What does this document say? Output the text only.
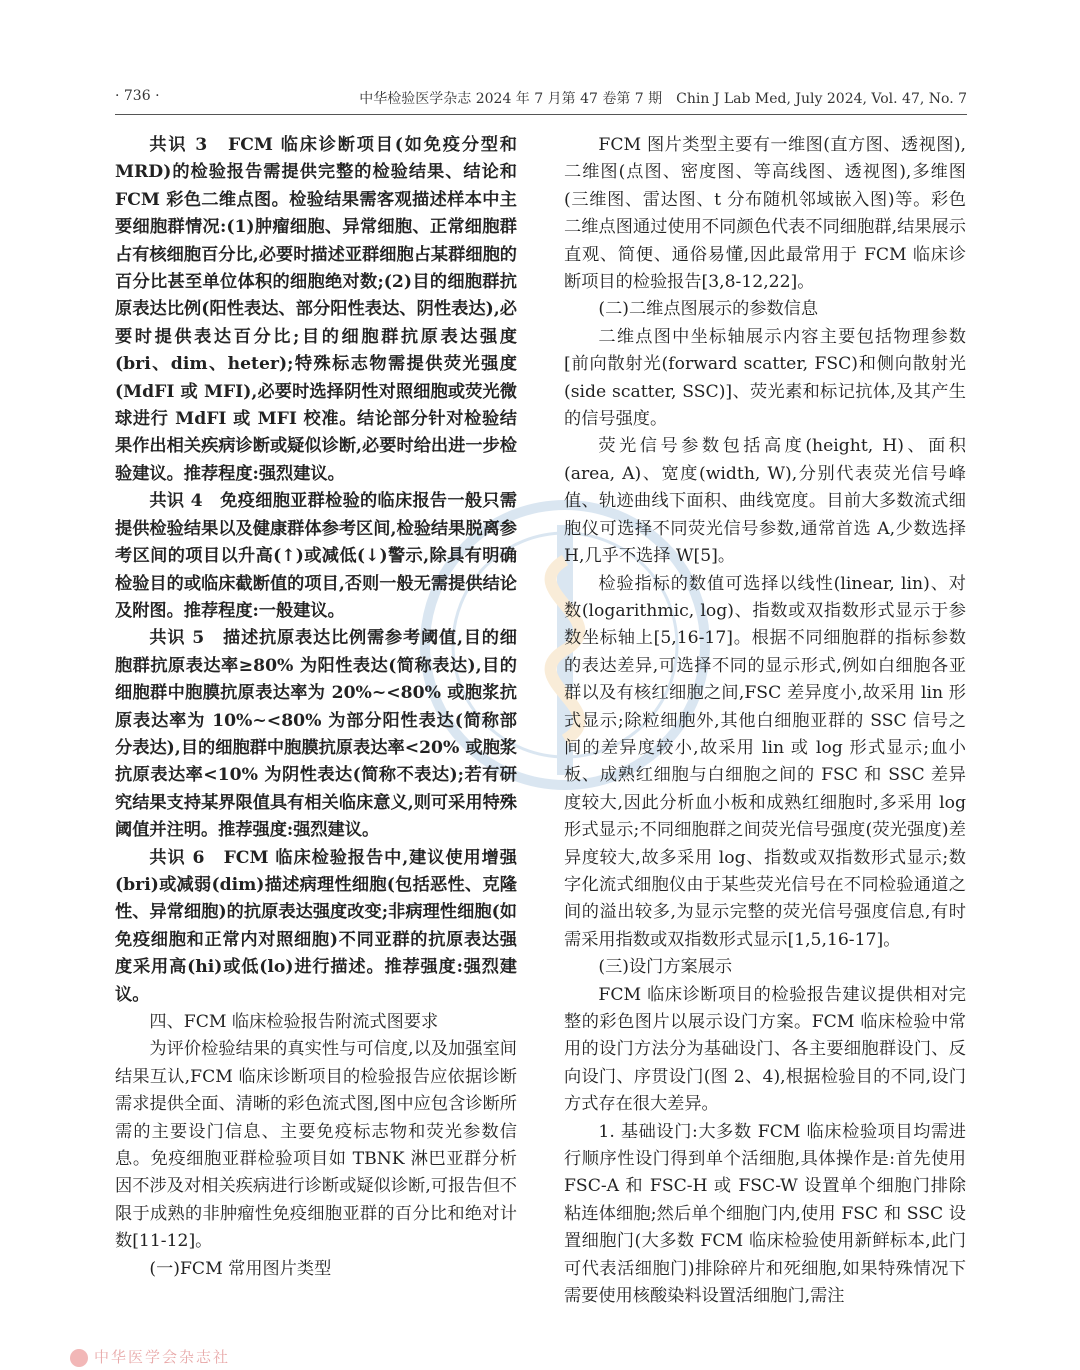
· 736 ·	中华检验医学杂志 2024 年 7 月第 47 卷第 7 期　Chin J Lab Med, July 2024, Vol. 47, No. 7

共识 3　FCM 临床诊断项目(如免疫分型和 MRD)的检验报告需提供完整的检验结果、结论和 FCM 彩色二维点图。检验结果需客观描述样本中主要细胞群情况:(1)肿瘤细胞、异常细胞、正常细胞群占有核细胞百分比,必要时描述亚群细胞占某群细胞的百分比甚至单位体积的细胞绝对数;(2)目的细胞群抗原表达比例(阳性表达、部分阳性表达、阴性表达),必要时提供表达百分比;目的细胞群抗原表达强度(bri、dim、heter);特殊标志物需提供荧光强度(MdFI 或 MFI),必要时选择阴性对照细胞或荧光微球进行 MdFI 或 MFI 校准。结论部分针对检验结果作出相关疾病诊断或疑似诊断,必要时给出进一步检验建议。推荐程度:强烈建议。

共识 4　免疫细胞亚群检验的临床报告一般只需提供检验结果以及健康群体参考区间,检验结果脱离参考区间的项目以升高(↑)或减低(↓)警示,除具有明确检验目的或临床截断值的项目,否则一般无需提供结论及附图。推荐程度:一般建议。

共识 5　描述抗原表达比例需参考阈值,目的细胞群抗原表达率≥80% 为阳性表达(简称表达),目的细胞群中胞膜抗原表达率为 20%~<80% 或胞浆抗原表达率为 10%~<80% 为部分阳性表达(简称部分表达),目的细胞群中胞膜抗原表达率<20% 或胞浆抗原表达率<10% 为阴性表达(简称不表达);若有研究结果支持某界限值具有相关临床意义,则可采用特殊阈值并注明。推荐强度:强烈建议。

共识 6　FCM 临床检验报告中,建议使用增强(bri)或减弱(dim)描述病理性细胞(包括恶性、克隆性、异常细胞)的抗原表达强度改变;非病理性细胞(如免疫细胞和正常内对照细胞)不同亚群的抗原表达强度采用高(hi)或低(lo)进行描述。推荐强度:强烈建议。

四、FCM 临床检验报告附流式图要求

为评价检验结果的真实性与可信度,以及加强室间结果互认,FCM 临床诊断项目的检验报告应依据诊断需求提供全面、清晰的彩色流式图,图中应包含诊断所需的主要设门信息、主要免疫标志物和荧光参数信息。免疫细胞亚群检验项目如 TBNK 淋巴亚群分析因不涉及对相关疾病进行诊断或疑似诊断,可报告但不限于成熟的非肿瘤性免疫细胞亚群的百分比和绝对计数[11-12]。

(一)FCM 常用图片类型

FCM 图片类型主要有一维图(直方图、透视图),二维图(点图、密度图、等高线图、透视图),多维图(三维图、雷达图、t 分布随机邻域嵌入图)等。彩色二维点图通过使用不同颜色代表不同细胞群,结果展示直观、简便、通俗易懂,因此最常用于 FCM 临床诊断项目的检验报告[3,8-12,22]。

(二)二维点图展示的参数信息

二维点图中坐标轴展示内容主要包括物理参数[前向散射光(forward scatter, FSC)和侧向散射光(side scatter, SSC)]、荧光素和标记抗体,及其产生的信号强度。

荧光信号参数包括高度(height, H)、面积(area, A)、宽度(width, W),分别代表荧光信号峰值、轨迹曲线下面积、曲线宽度。目前大多数流式细胞仪可选择不同荧光信号参数,通常首选 A,少数选择 H,几乎不选择 W[5]。

检验指标的数值可选择以线性(linear, lin)、对数(logarithmic, log)、指数或双指数形式显示于参数坐标轴上[5,16-17]。根据不同细胞群的指标参数的表达差异,可选择不同的显示形式,例如白细胞各亚群以及有核红细胞之间,FSC 差异度小,故采用 lin 形式显示;除粒细胞外,其他白细胞亚群的 SSC 信号之间的差异度较小,故采用 lin 或 log 形式显示;血小板、成熟红细胞与白细胞之间的 FSC 和 SSC 差异度较大,因此分析血小板和成熟红细胞时,多采用 log 形式显示;不同细胞群之间荧光信号强度(荧光强度)差异度较大,故多采用 log、指数或双指数形式显示;数字化流式细胞仪由于某些荧光信号在不同检验通道之间的溢出较多,为显示完整的荧光信号强度信息,有时需采用指数或双指数形式显示[1,5,16-17]。

(三)设门方案展示

FCM 临床诊断项目的检验报告建议提供相对完整的彩色图片以展示设门方案。FCM 临床检验中常用的设门方法分为基础设门、各主要细胞群设门、反向设门、序贯设门(图 2、4),根据检验目的不同,设门方式存在很大差异。

1. 基础设门:大多数 FCM 临床检验项目均需进行顺序性设门得到单个活细胞,具体操作是:首先使用 FSC-A 和 FSC-H 或 FSC-W 设置单个细胞门排除粘连体细胞;然后单个细胞门内,使用 FSC 和 SSC 设置细胞门(大多数 FCM 临床检验使用新鲜标本,此门可代表活细胞门)排除碎片和死细胞,如果特殊情况下需要使用核酸染料设置活细胞门,需注

中华医学会杂志社
